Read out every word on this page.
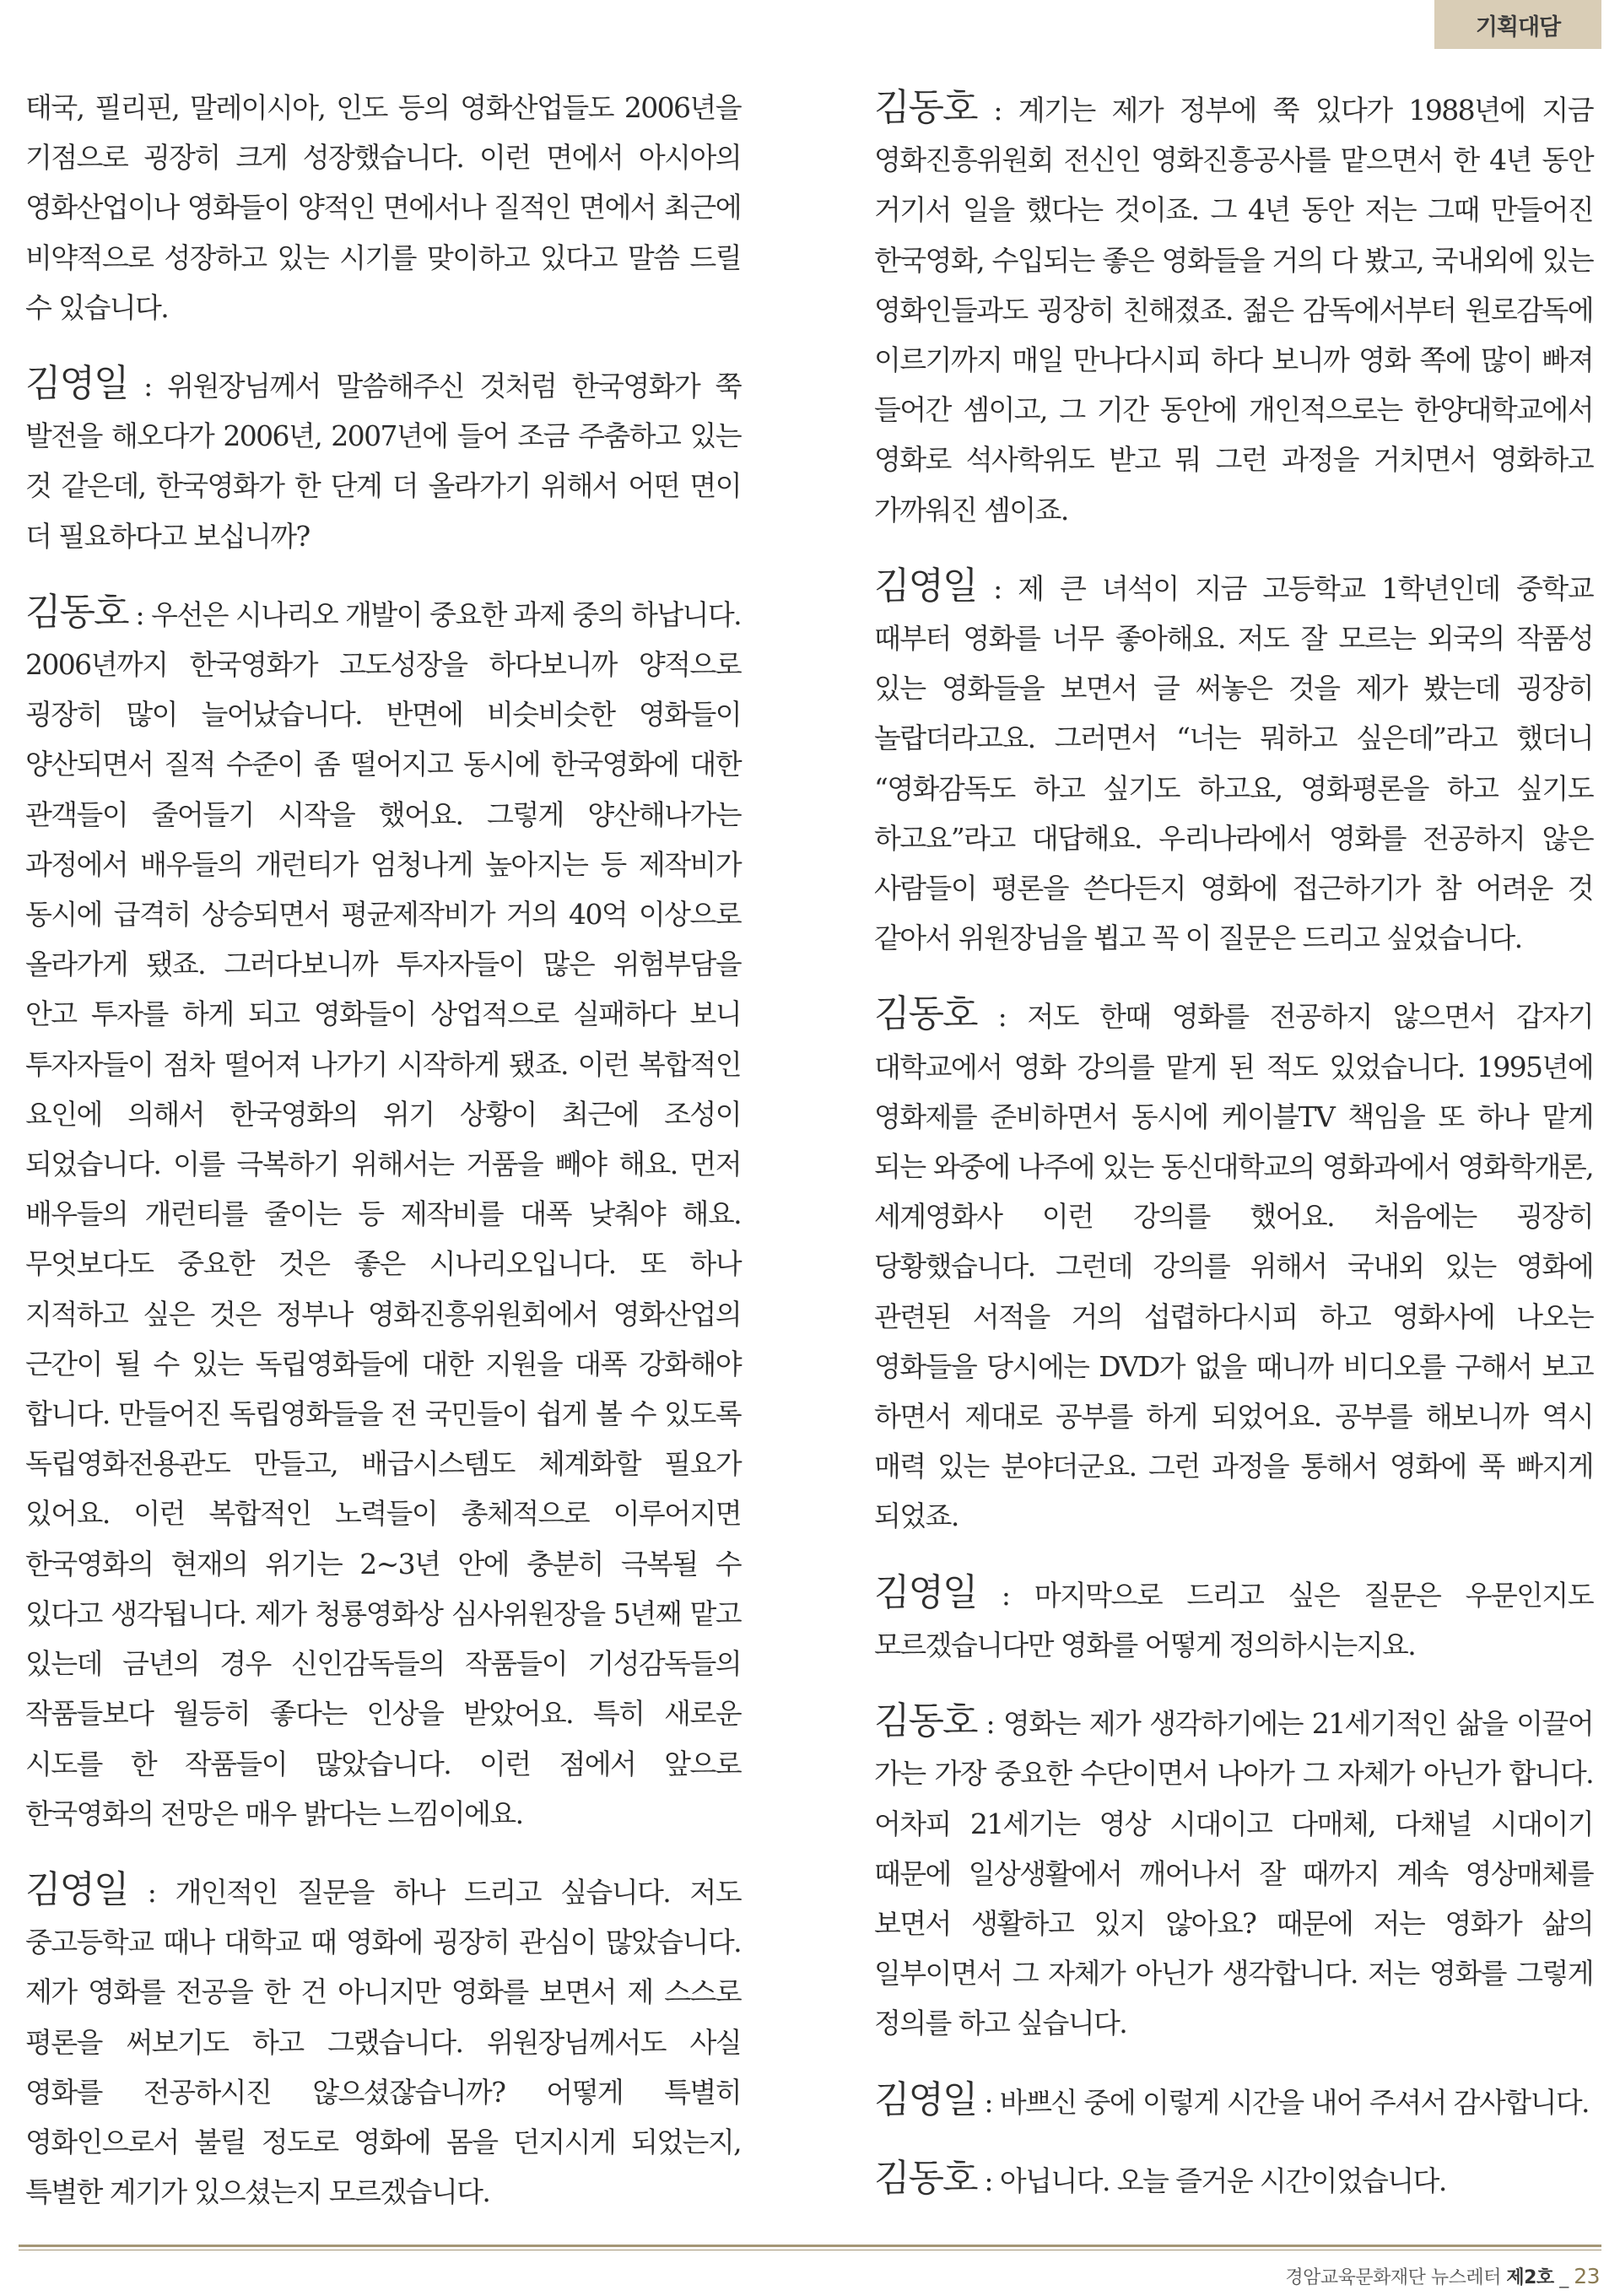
기획대담

태국, 필리핀, 말레이시아, 인도 등의 영화산업들도 2006년을 기점으로 굉장히 크게 성장했습니다. 이런 면에서 아시아의 영화산업이나 영화들이 양적인 면에서나 질적인 면에서 최근에 비약적으로 성장하고 있는 시기를 맞이하고 있다고 말씀 드릴 수 있습니다.

김영일 : 위원장님께서 말씀해주신 것처럼 한국영화가 쭉 발전을 해오다가 2006년, 2007년에 들어 조금 주춤하고 있는 것 같은데, 한국영화가 한 단계 더 올라가기 위해서 어떤 면이 더 필요하다고 보십니까?

김동호 : 우선은 시나리오 개발이 중요한 과제 중의 하납니다. 2006년까지 한국영화가 고도성장을 하다보니까 양적으로 굉장히 많이 늘어났습니다. 반면에 비슷비슷한 영화들이 양산되면서 질적 수준이 좀 떨어지고 동시에 한국영화에 대한 관객들이 줄어들기 시작을 했어요. 그렇게 양산해나가는 과정에서 배우들의 개런티가 엄청나게 높아지는 등 제작비가 동시에 급격히 상승되면서 평균제작비가 거의 40억 이상으로 올라가게 됐죠. 그러다보니까 투자자들이 많은 위험부담을 안고 투자를 하게 되고 영화들이 상업적으로 실패하다 보니 투자자들이 점차 떨어져 나가기 시작하게 됐죠. 이런 복합적인 요인에 의해서 한국영화의 위기 상황이 최근에 조성이 되었습니다. 이를 극복하기 위해서는 거품을 빼야 해요. 먼저 배우들의 개런티를 줄이는 등 제작비를 대폭 낮춰야 해요. 무엇보다도 중요한 것은 좋은 시나리오입니다. 또 하나 지적하고 싶은 것은 정부나 영화진흥위원회에서 영화산업의 근간이 될 수 있는 독립영화들에 대한 지원을 대폭 강화해야 합니다. 만들어진 독립영화들을 전 국민들이 쉽게 볼 수 있도록 독립영화전용관도 만들고, 배급시스템도 체계화할 필요가 있어요. 이런 복합적인 노력들이 총체적으로 이루어지면 한국영화의 현재의 위기는 2~3년 안에 충분히 극복될 수 있다고 생각됩니다. 제가 청룡영화상 심사위원장을 5년째 맡고 있는데 금년의 경우 신인감독들의 작품들이 기성감독들의 작품들보다 월등히 좋다는 인상을 받았어요. 특히 새로운 시도를 한 작품들이 많았습니다. 이런 점에서 앞으로 한국영화의 전망은 매우 밝다는 느낌이에요.

김영일 : 개인적인 질문을 하나 드리고 싶습니다. 저도 중고등학교 때나 대학교 때 영화에 굉장히 관심이 많았습니다. 제가 영화를 전공을 한 건 아니지만 영화를 보면서 제 스스로 평론을 써보기도 하고 그랬습니다. 위원장님께서도 사실 영화를 전공하시진 않으셨잖습니까? 어떻게 특별히 영화인으로서 불릴 정도로 영화에 몸을 던지시게 되었는지, 특별한 계기가 있으셨는지 모르겠습니다.

김동호 : 계기는 제가 정부에 쭉 있다가 1988년에 지금 영화진흥위원회 전신인 영화진흥공사를 맡으면서 한 4년 동안 거기서 일을 했다는 것이죠. 그 4년 동안 저는 그때 만들어진 한국영화, 수입되는 좋은 영화들을 거의 다 봤고, 국내외에 있는 영화인들과도 굉장히 친해졌죠. 젊은 감독에서부터 원로감독에 이르기까지 매일 만나다시피 하다 보니까 영화 쪽에 많이 빠져 들어간 셈이고, 그 기간 동안에 개인적으로는 한양대학교에서 영화로 석사학위도 받고 뭐 그런 과정을 거치면서 영화하고 가까워진 셈이죠.

김영일 : 제 큰 녀석이 지금 고등학교 1학년인데 중학교 때부터 영화를 너무 좋아해요. 저도 잘 모르는 외국의 작품성 있는 영화들을 보면서 글 써놓은 것을 제가 봤는데 굉장히 놀랍더라고요. 그러면서 “너는 뭐하고 싶은데”라고 했더니 “영화감독도 하고 싶기도 하고요, 영화평론을 하고 싶기도 하고요”라고 대답해요. 우리나라에서 영화를 전공하지 않은 사람들이 평론을 쓴다든지 영화에 접근하기가 참 어려운 것 같아서 위원장님을 뵙고 꼭 이 질문은 드리고 싶었습니다.

김동호 : 저도 한때 영화를 전공하지 않으면서 갑자기 대학교에서 영화 강의를 맡게 된 적도 있었습니다. 1995년에 영화제를 준비하면서 동시에 케이블TV 책임을 또 하나 맡게 되는 와중에 나주에 있는 동신대학교의 영화과에서 영화학개론, 세계영화사 이런 강의를 했어요. 처음에는 굉장히 당황했습니다. 그런데 강의를 위해서 국내외 있는 영화에 관련된 서적을 거의 섭렵하다시피 하고 영화사에 나오는 영화들을 당시에는 DVD가 없을 때니까 비디오를 구해서 보고 하면서 제대로 공부를 하게 되었어요. 공부를 해보니까 역시 매력 있는 분야더군요. 그런 과정을 통해서 영화에 푹 빠지게 되었죠.

김영일 : 마지막으로 드리고 싶은 질문은 우문인지도 모르겠습니다만 영화를 어떻게 정의하시는지요.

김동호 : 영화는 제가 생각하기에는 21세기적인 삶을 이끌어 가는 가장 중요한 수단이면서 나아가 그 자체가 아닌가 합니다. 어차피 21세기는 영상 시대이고 다매체, 다채널 시대이기 때문에 일상생활에서 깨어나서 잘 때까지 계속 영상매체를 보면서 생활하고 있지 않아요? 때문에 저는 영화가 삶의 일부이면서 그 자체가 아닌가 생각합니다. 저는 영화를 그렇게 정의를 하고 싶습니다.

김영일 : 바쁘신 중에 이렇게 시간을 내어 주셔서 감사합니다.

김동호 : 아닙니다. 오늘 즐거운 시간이었습니다.

경암교육문화재단 뉴스레터 제2호 _ 23
